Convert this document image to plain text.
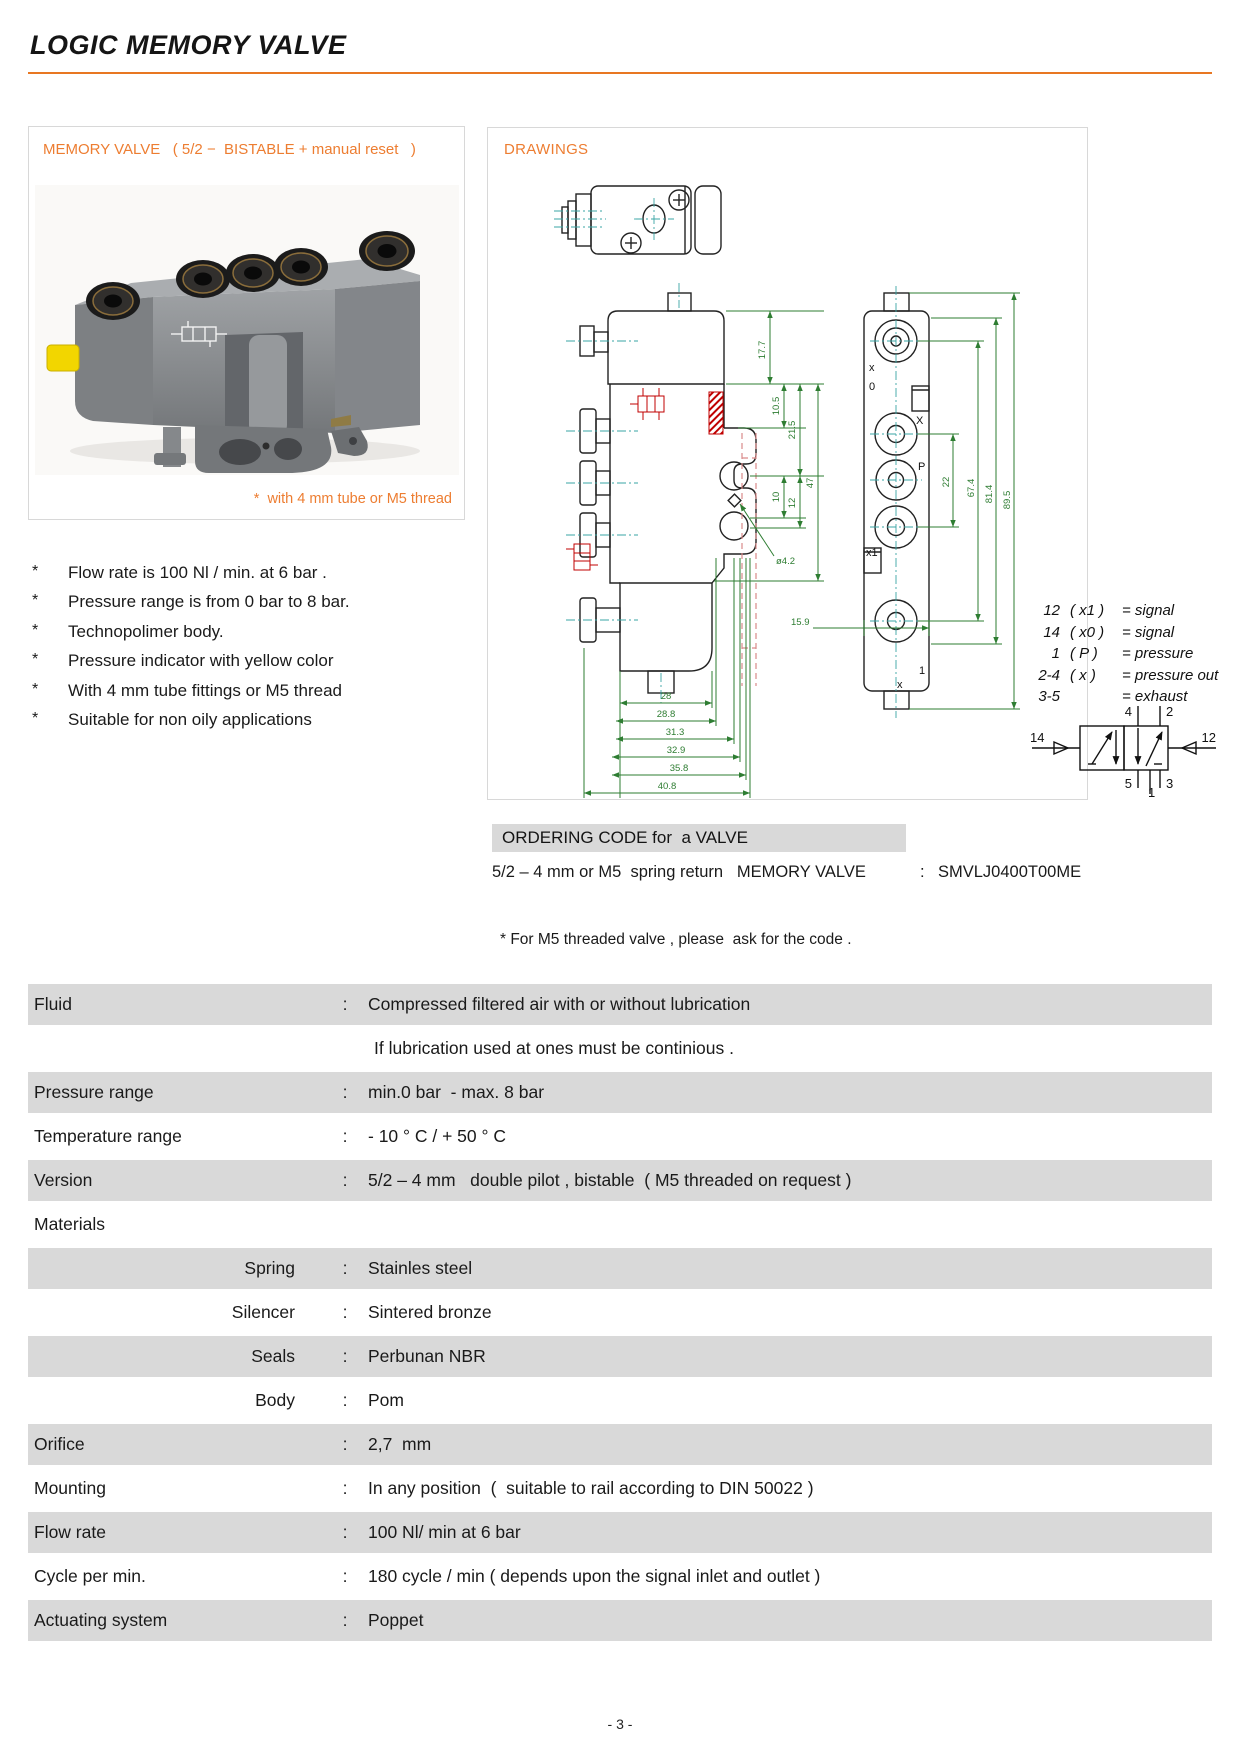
LOGIC MEMORY VALVE
MEMORY VALVE   ( 5/2 −  BISTABLE + manual reset   )
*  with 4 mm tube or M5 thread
*	Flow rate is 100 Nl / min. at 6 bar .
*	Pressure range is from 0 bar to 8 bar.
*	Technopolimer body.
*	Pressure indicator with yellow color
*	With 4 mm tube fittings or M5 thread
*	Suitable for non oily applications
DRAWINGS
17.7
10.5
21.5
10
12
47
ø4.2
28
28.8
31.3
32.9
35.8
40.8
x
0
X
P
x1
1
x
22 67.4 81.4 89.5
15.9
12 ( x1 )	= signal
14 ( x0 )	= signal
1 ( P )	= pressure
2-4 ( x )	= pressure out
3-5	= exhaust
4	2
5
1
3
14	12
ORDERING CODE for  a VALVE
5/2 – 4 mm or M5  spring return   MEMORY VALVE	: SMVLJ0400T00ME
* For M5 threaded valve , please  ask for the code .
Fluid	:	Compressed filtered air with or without lubrication
If lubrication used at ones must be continious .
Pressure range	:	min.0 bar  - max. 8 bar
Temperature range	:	- 10 ° C / + 50 ° C
Version	:	5/2 – 4 mm   double pilot , bistable  ( M5 threaded on request )
Materials
Spring	:	Stainles steel
Silencer	:	Sintered bronze
Seals	:	Perbunan NBR
Body	:	Pom
Orifice	:	2,7  mm
Mounting	:	In any position  (  suitable to rail according to DIN 50022 )
Flow rate	:	100 Nl/ min at 6 bar
Cycle per min.	:	180 cycle / min ( depends upon the signal inlet and outlet )
Actuating system	:	Poppet
- 3 -
